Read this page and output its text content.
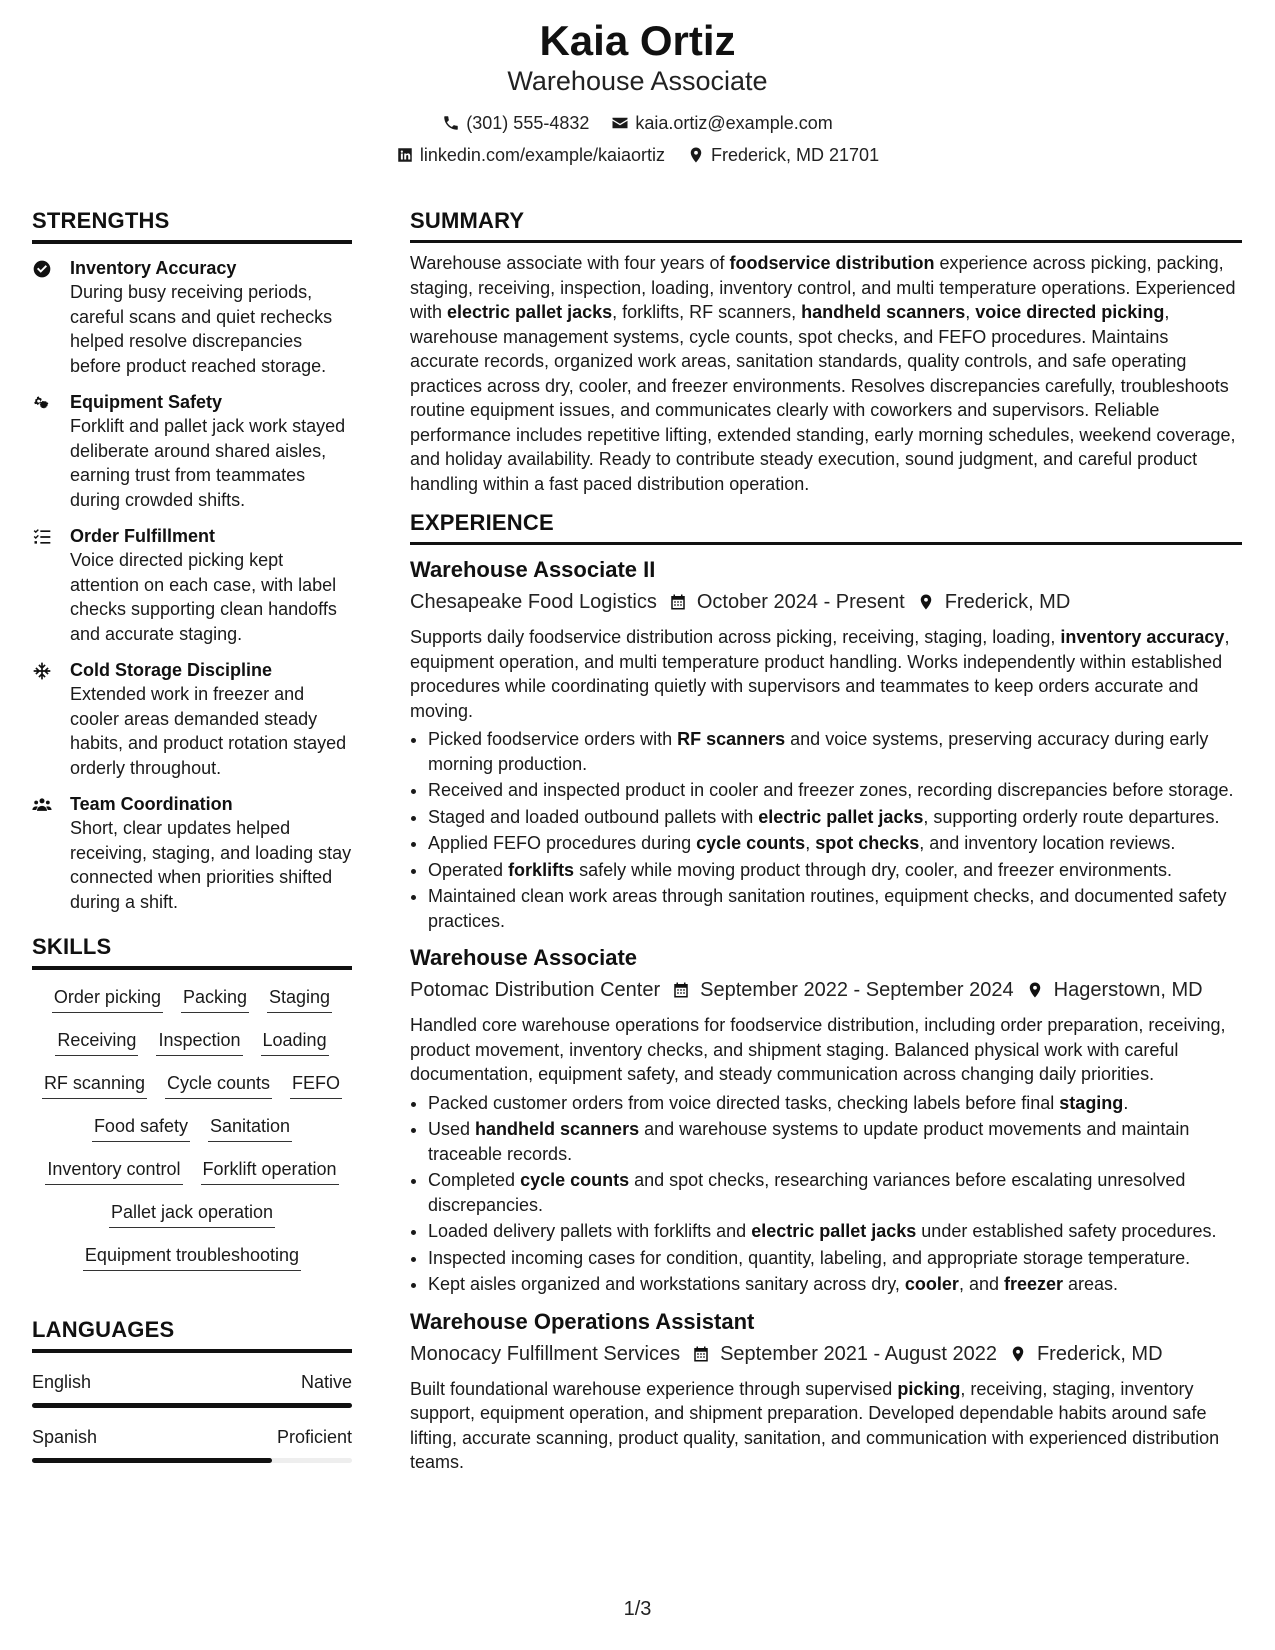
Kaia Ortiz
Warehouse Associate
(301) 555-4832	kaia.ortiz@example.com
linkedin.com/example/kaiaortiz	Frederick, MD 21701
STRENGTHS
Inventory Accuracy
During busy receiving periods, careful scans and quiet rechecks helped resolve discrepancies before product reached storage.
Equipment Safety
Forklift and pallet jack work stayed deliberate around shared aisles, earning trust from teammates during crowded shifts.
Order Fulfillment
Voice directed picking kept attention on each case, with label checks supporting clean handoffs and accurate staging.
Cold Storage Discipline
Extended work in freezer and cooler areas demanded steady habits, and product rotation stayed orderly throughout.
Team Coordination
Short, clear updates helped receiving, staging, and loading stay connected when priorities shifted during a shift.
SKILLS
Order picking Packing Staging
Receiving Inspection Loading
RF scanning Cycle counts FEFO
Food safety Sanitation
Inventory control Forklift operation
Pallet jack operation
Equipment troubleshooting
LANGUAGES
English	Native
Spanish	Proficient
SUMMARY

Warehouse associate with four years of foodservice distribution experience across picking, packing, staging, receiving, inspection, loading, inventory control, and multi temperature operations. Experienced with electric pallet jacks, forklifts, RF scanners, handheld scanners, voice directed picking, warehouse management systems, cycle counts, spot checks, and FEFO procedures. Maintains accurate records, organized work areas, sanitation standards, quality controls, and safe operating practices across dry, cooler, and freezer environments. Resolves discrepancies carefully, troubleshoots routine equipment issues, and communicates clearly with coworkers and supervisors. Reliable performance includes repetitive lifting, extended standing, early morning schedules, weekend coverage, and holiday availability. Ready to contribute steady execution, sound judgment, and careful product handling within a fast paced distribution operation.

EXPERIENCE
Warehouse Associate II
Chesapeake Food Logistics October 2024 - Present Frederick, MD

Supports daily foodservice distribution across picking, receiving, staging, loading, inventory accuracy, equipment operation, and multi temperature product handling. Works independently within established procedures while coordinating quietly with supervisors and teammates to keep orders accurate and moving.

• Picked foodservice orders with RF scanners and voice systems, preserving accuracy during early morning production.
• Received and inspected product in cooler and freezer zones, recording discrepancies before storage.
• Staged and loaded outbound pallets with electric pallet jacks, supporting orderly route departures.
• Applied FEFO procedures during cycle counts, spot checks, and inventory location reviews.
• Operated forklifts safely while moving product through dry, cooler, and freezer environments.
• Maintained clean work areas through sanitation routines, equipment checks, and documented safety practices.
Warehouse Associate
Potomac Distribution Center September 2022 - September 2024 Hagerstown, MD

Handled core warehouse operations for foodservice distribution, including order preparation, receiving, product movement, inventory checks, and shipment staging. Balanced physical work with careful documentation, equipment safety, and steady communication across changing daily priorities.

• Packed customer orders from voice directed tasks, checking labels before final staging.
• Used handheld scanners and warehouse systems to update product movements and maintain traceable records.
• Completed cycle counts and spot checks, researching variances before escalating unresolved discrepancies.
• Loaded delivery pallets with forklifts and electric pallet jacks under established safety procedures.
• Inspected incoming cases for condition, quantity, labeling, and appropriate storage temperature.
• Kept aisles organized and workstations sanitary across dry, cooler, and freezer areas.
Warehouse Operations Assistant
Monocacy Fulfillment Services September 2021 - August 2022 Frederick, MD

Built foundational warehouse experience through supervised picking, receiving, staging, inventory support, equipment operation, and shipment preparation. Developed dependable habits around safe lifting, accurate scanning, product quality, sanitation, and communication with experienced distribution teams.

1/3
